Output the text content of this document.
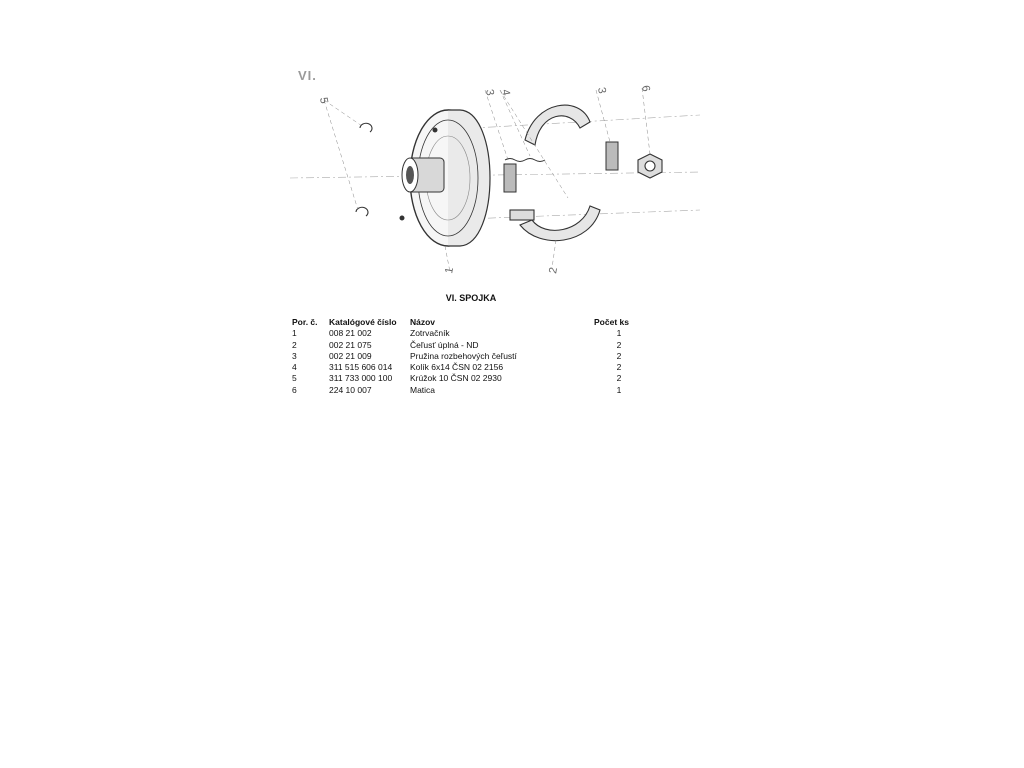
VI.
1	2
3 4	3
5
6
VI. SPOJKA
Por. č.	Katalógové číslo	Názov	Počet ks
1	008 21 002	Zotrvačník	1
2	002 21 075	Čeľusť úplná - ND	2
3	002 21 009	Pružina rozbehových čeľustí	2
4	311 515 606 014	Kolík 6x14 ČSN 02 2156	2
5	311 733 000 100	Krúžok 10 ČSN 02 2930	2
6	224 10 007	Matica	1
